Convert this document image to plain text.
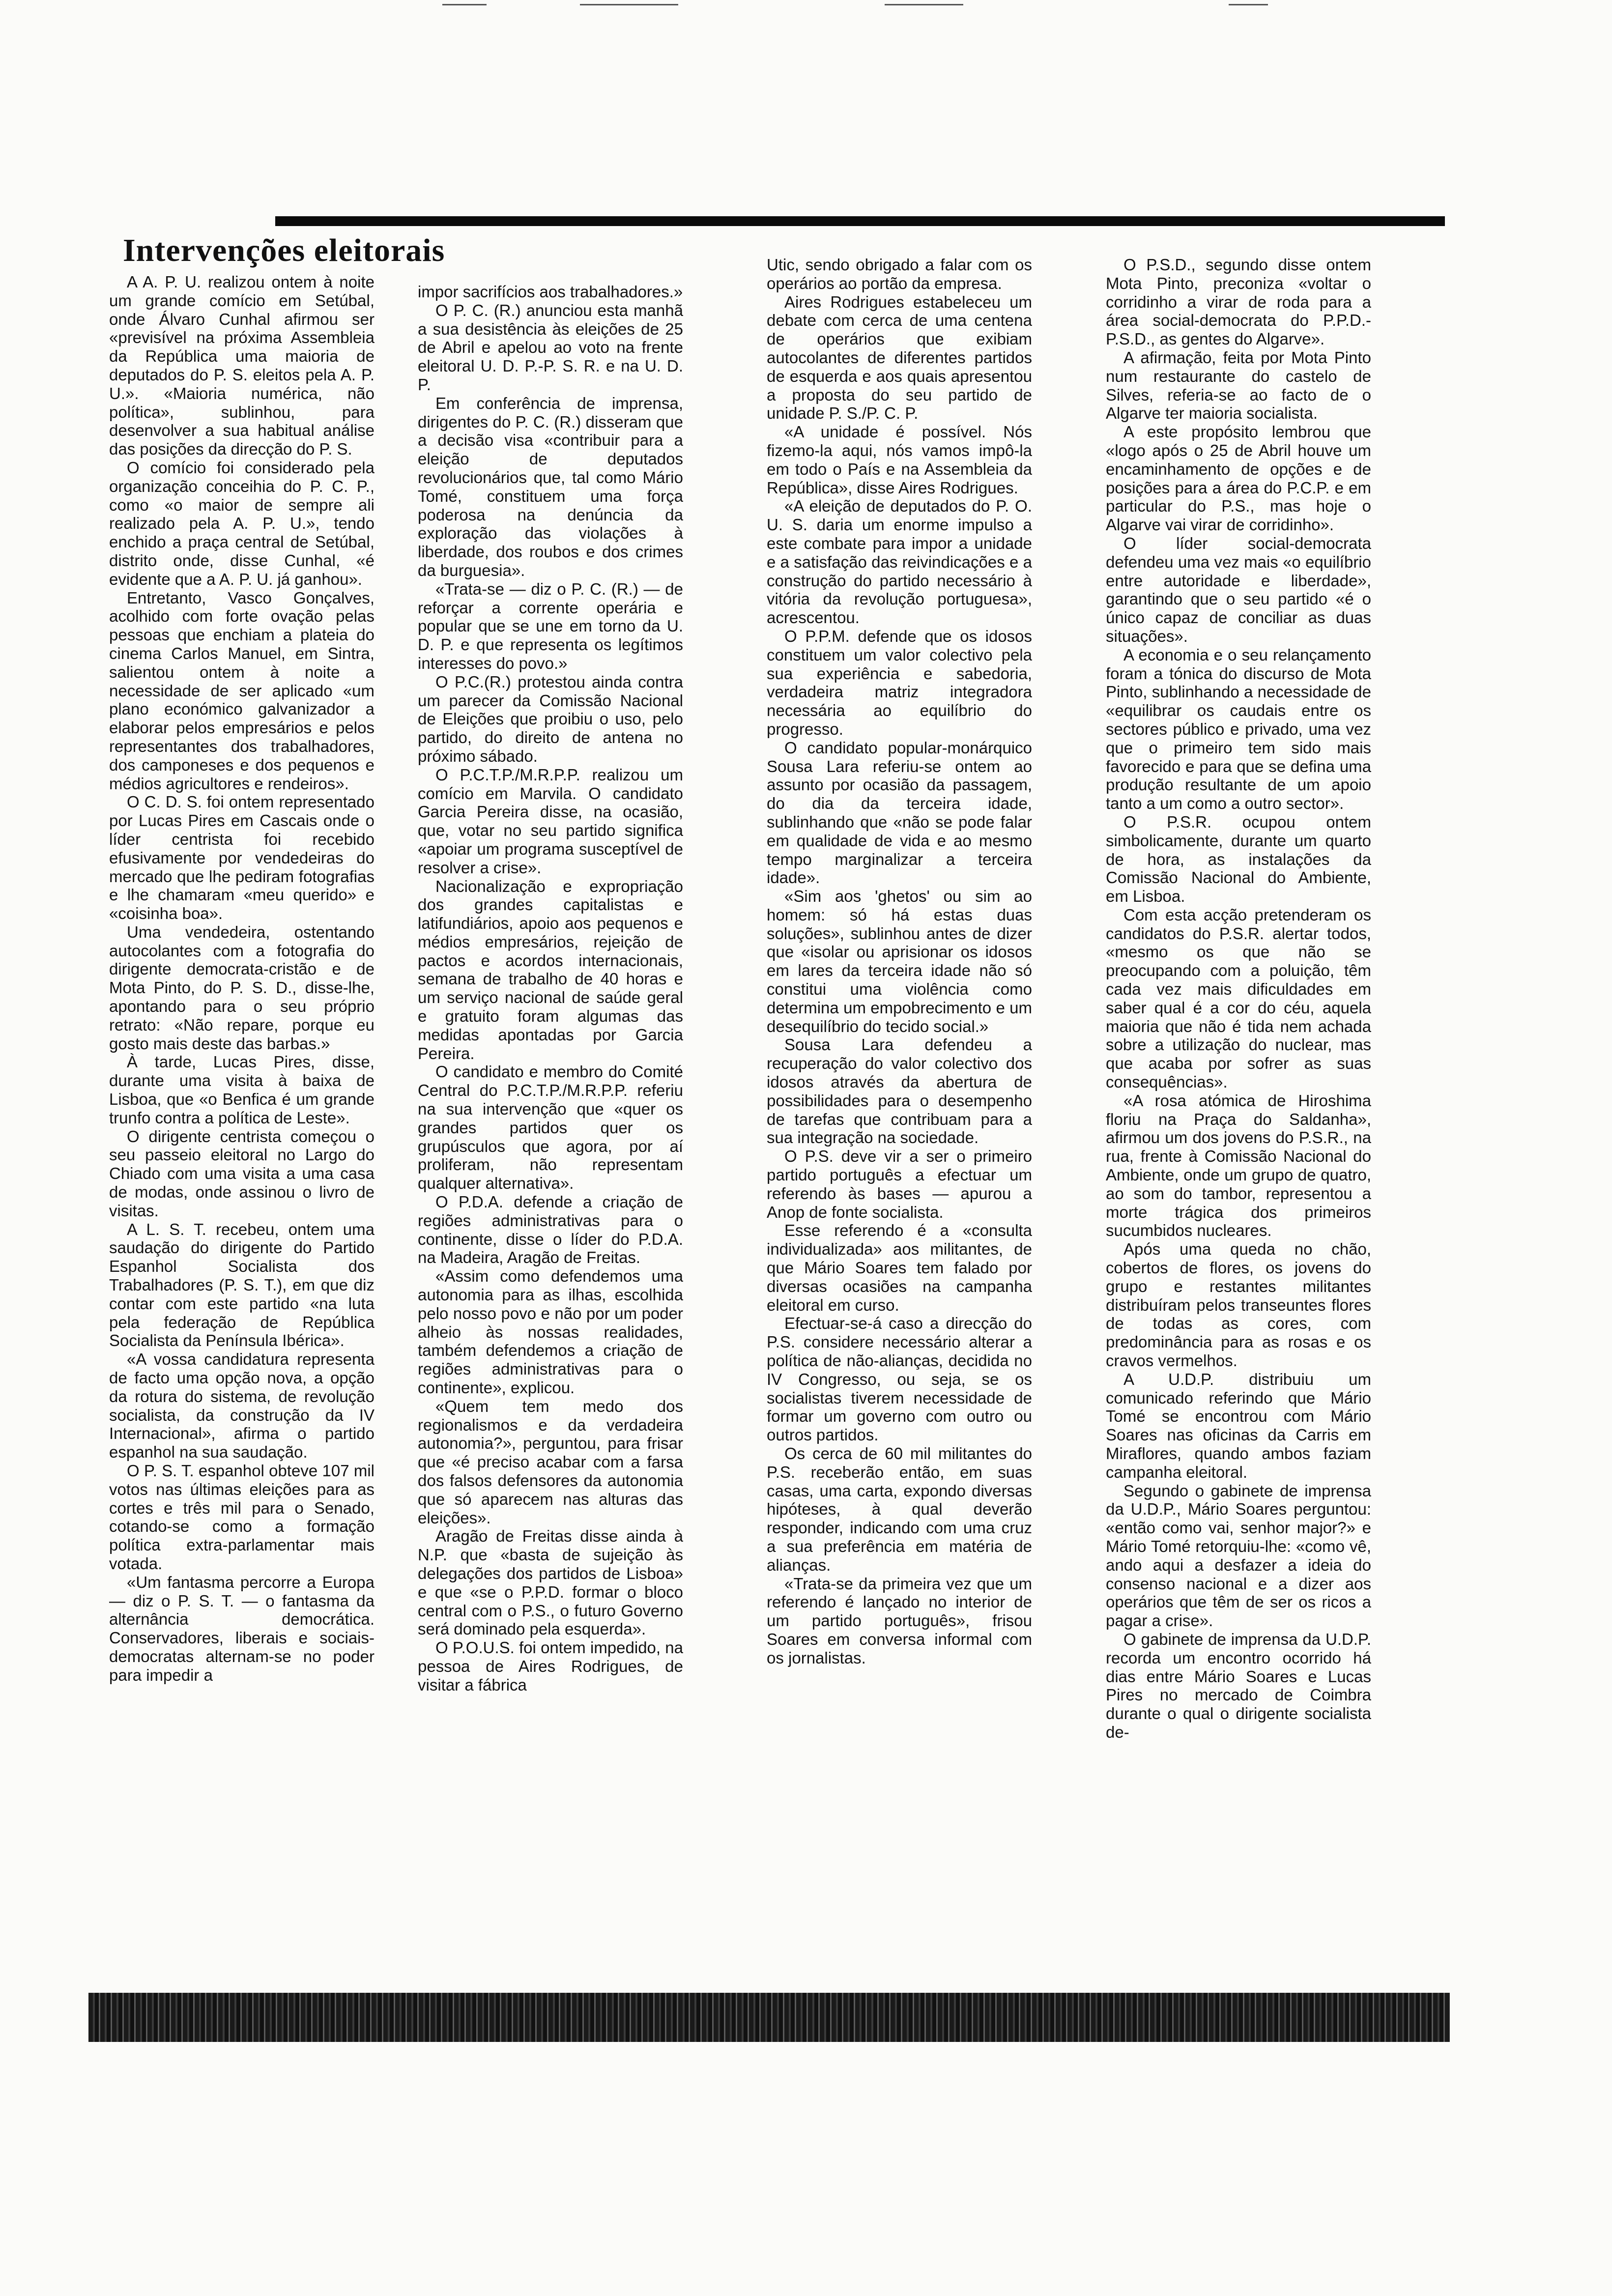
Intervenções eleitorais

A A. P. U. realizou ontem à noite um grande comício em Setúbal, onde Álvaro Cunhal afirmou ser «previsível na próxima Assembleia da República uma maioria de deputados do P. S. eleitos pela A. P. U.». «Maioria numérica, não política», sublinhou, para desenvolver a sua habitual análise das posições da direcção do P. S.

O comício foi considerado pela organização conceihia do P. C. P., como «o maior de sempre ali realizado pela A. P. U.», tendo enchido a praça central de Setúbal, distrito onde, disse Cunhal, «é evidente que a A. P. U. já ganhou».

Entretanto, Vasco Gonçalves, acolhido com forte ovação pelas pessoas que enchiam a plateia do cinema Carlos Manuel, em Sintra, salientou ontem à noite a necessidade de ser aplicado «um plano económico galvanizador a elaborar pelos empresários e pelos representantes dos trabalhadores, dos camponeses e dos pequenos e médios agricultores e rendeiros».

O C. D. S. foi ontem representado por Lucas Pires em Cascais onde o líder centrista foi recebido efusivamente por vendedeiras do mercado que lhe pediram fotografias e lhe chamaram «meu querido» e «coisinha boa».

Uma vendedeira, ostentando autocolantes com a fotografia do dirigente democrata-cristão e de Mota Pinto, do P. S. D., disse-lhe, apontando para o seu próprio retrato: «Não repare, porque eu gosto mais deste das barbas.»

À tarde, Lucas Pires, disse, durante uma visita à baixa de Lisboa, que «o Benfica é um grande trunfo contra a política de Leste».

O dirigente centrista começou o seu passeio eleitoral no Largo do Chiado com uma visita a uma casa de modas, onde assinou o livro de visitas.

A L. S. T. recebeu, ontem uma saudação do dirigente do Partido Espanhol Socialista dos Trabalhadores (P. S. T.), em que diz contar com este partido «na luta pela federação de República Socialista da Península Ibérica».

«A vossa candidatura representa de facto uma opção nova, a opção da rotura do sistema, de revolução socialista, da construção da IV Internacional», afirma o partido espanhol na sua saudação.

O P. S. T. espanhol obteve 107 mil votos nas últimas eleições para as cortes e três mil para o Senado, cotando-se como a formação política extra-parlamentar mais votada.

«Um fantasma percorre a Europa — diz o P. S. T. — o fantasma da alternância democrática. Conservadores, liberais e sociais-democratas alternam-se no poder para impedir a

impor sacrifícios aos trabalhadores.»

O P. C. (R.) anunciou esta manhã a sua desistência às eleições de 25 de Abril e apelou ao voto na frente eleitoral U. D. P.-P. S. R. e na U. D. P.

Em conferência de imprensa, dirigentes do P. C. (R.) disseram que a decisão visa «contribuir para a eleição de deputados revolucionários que, tal como Mário Tomé, constituem uma força poderosa na denúncia da exploração das violações à liberdade, dos roubos e dos crimes da burguesia».

«Trata-se — diz o P. C. (R.) — de reforçar a corrente operária e popular que se une em torno da U. D. P. e que representa os legítimos interesses do povo.»

O P.C.(R.) protestou ainda contra um parecer da Comissão Nacional de Eleições que proibiu o uso, pelo partido, do direito de antena no próximo sábado.

O P.C.T.P./M.R.P.P. realizou um comício em Marvila. O candidato Garcia Pereira disse, na ocasião, que, votar no seu partido significa «apoiar um programa susceptível de resolver a crise».

Nacionalização e expropriação dos grandes capitalistas e latifundiários, apoio aos pequenos e médios empresários, rejeição de pactos e acordos internacionais, semana de trabalho de 40 horas e um serviço nacional de saúde geral e gratuito foram algumas das medidas apontadas por Garcia Pereira.

O candidato e membro do Comité Central do P.C.T.P./M.R.P.P. referiu na sua intervenção que «quer os grandes partidos quer os grupúsculos que agora, por aí proliferam, não representam qualquer alternativa».

O P.D.A. defende a criação de regiões administrativas para o continente, disse o líder do P.D.A. na Madeira, Aragão de Freitas.

«Assim como defendemos uma autonomia para as ilhas, escolhida pelo nosso povo e não por um poder alheio às nossas realidades, também defendemos a criação de regiões administrativas para o continente», explicou.

«Quem tem medo dos regionalismos e da verdadeira autonomia?», perguntou, para frisar que «é preciso acabar com a farsa dos falsos defensores da autonomia que só aparecem nas alturas das eleições».

Aragão de Freitas disse ainda à N.P. que «basta de sujeição às delegações dos partidos de Lisboa» e que «se o P.P.D. formar o bloco central com o P.S., o futuro Governo será dominado pela esquerda».

O P.O.U.S. foi ontem impedido, na pessoa de Aires Rodrigues, de visitar a fábrica

Utic, sendo obrigado a falar com os operários ao portão da empresa.

Aires Rodrigues estabeleceu um debate com cerca de uma centena de operários que exibiam autocolantes de diferentes partidos de esquerda e aos quais apresentou a proposta do seu partido de unidade P. S./P. C. P.

«A unidade é possível. Nós fizemo-la aqui, nós vamos impô-la em todo o País e na Assembleia da República», disse Aires Rodrigues.

«A eleição de deputados do P. O. U. S. daria um enorme impulso a este combate para impor a unidade e a satisfação das reivindicações e a construção do partido necessário à vitória da revolução portuguesa», acrescentou.

O P.P.M. defende que os idosos constituem um valor colectivo pela sua experiência e sabedoria, verdadeira matriz integradora necessária ao equilíbrio do progresso.

O candidato popular-monárquico Sousa Lara referiu-se ontem ao assunto por ocasião da passagem, do dia da terceira idade, sublinhando que «não se pode falar em qualidade de vida e ao mesmo tempo marginalizar a terceira idade».

«Sim aos 'ghetos' ou sim ao homem: só há estas duas soluções», sublinhou antes de dizer que «isolar ou aprisionar os idosos em lares da terceira idade não só constitui uma violência como determina um empobrecimento e um desequilíbrio do tecido social.»

Sousa Lara defendeu a recuperação do valor colectivo dos idosos através da abertura de possibilidades para o desempenho de tarefas que contribuam para a sua integração na sociedade.

O P.S. deve vir a ser o primeiro partido português a efectuar um referendo às bases — apurou a Anop de fonte socialista.

Esse referendo é a «consulta individualizada» aos militantes, de que Mário Soares tem falado por diversas ocasiões na campanha eleitoral em curso.

Efectuar-se-á caso a direcção do P.S. considere necessário alterar a política de não-alianças, decidida no IV Congresso, ou seja, se os socialistas tiverem necessidade de formar um governo com outro ou outros partidos.

Os cerca de 60 mil militantes do P.S. receberão então, em suas casas, uma carta, expondo diversas hipóteses, à qual deverão responder, indicando com uma cruz a sua preferência em matéria de alianças.

«Trata-se da primeira vez que um referendo é lançado no interior de um partido português», frisou Soares em conversa informal com os jornalistas.

O P.S.D., segundo disse ontem Mota Pinto, preconiza «voltar o corridinho a virar de roda para a área social-democrata do P.P.D.-P.S.D., as gentes do Algarve».

A afirmação, feita por Mota Pinto num restaurante do castelo de Silves, referia-se ao facto de o Algarve ter maioria socialista.

A este propósito lembrou que «logo após o 25 de Abril houve um encaminhamento de opções e de posições para a área do P.C.P. e em particular do P.S., mas hoje o Algarve vai virar de corridinho».

O líder social-democrata defendeu uma vez mais «o equilíbrio entre autoridade e liberdade», garantindo que o seu partido «é o único capaz de conciliar as duas situações».

A economia e o seu relançamento foram a tónica do discurso de Mota Pinto, sublinhando a necessidade de «equilibrar os caudais entre os sectores público e privado, uma vez que o primeiro tem sido mais favorecido e para que se defina uma produção resultante de um apoio tanto a um como a outro sector».

O P.S.R. ocupou ontem simbolicamente, durante um quarto de hora, as instalações da Comissão Nacional do Ambiente, em Lisboa.

Com esta acção pretenderam os candidatos do P.S.R. alertar todos, «mesmo os que não se preocupando com a poluição, têm cada vez mais dificuldades em saber qual é a cor do céu, aquela maioria que não é tida nem achada sobre a utilização do nuclear, mas que acaba por sofrer as suas consequências».

«A rosa atómica de Hiroshima floriu na Praça do Saldanha», afirmou um dos jovens do P.S.R., na rua, frente à Comissão Nacional do Ambiente, onde um grupo de quatro, ao som do tambor, representou a morte trágica dos primeiros sucumbidos nucleares.

Após uma queda no chão, cobertos de flores, os jovens do grupo e restantes militantes distribuíram pelos transeuntes flores de todas as cores, com predominância para as rosas e os cravos vermelhos.

A U.D.P. distribuiu um comunicado referindo que Mário Tomé se encontrou com Mário Soares nas oficinas da Carris em Miraflores, quando ambos faziam campanha eleitoral.

Segundo o gabinete de imprensa da U.D.P., Mário Soares perguntou: «então como vai, senhor major?» e Mário Tomé retorquiu-lhe: «como vê, ando aqui a desfazer a ideia do consenso nacional e a dizer aos operários que têm de ser os ricos a pagar a crise».

O gabinete de imprensa da U.D.P. recorda um encontro ocorrido há dias entre Mário Soares e Lucas Pires no mercado de Coimbra durante o qual o dirigente socialista de-
